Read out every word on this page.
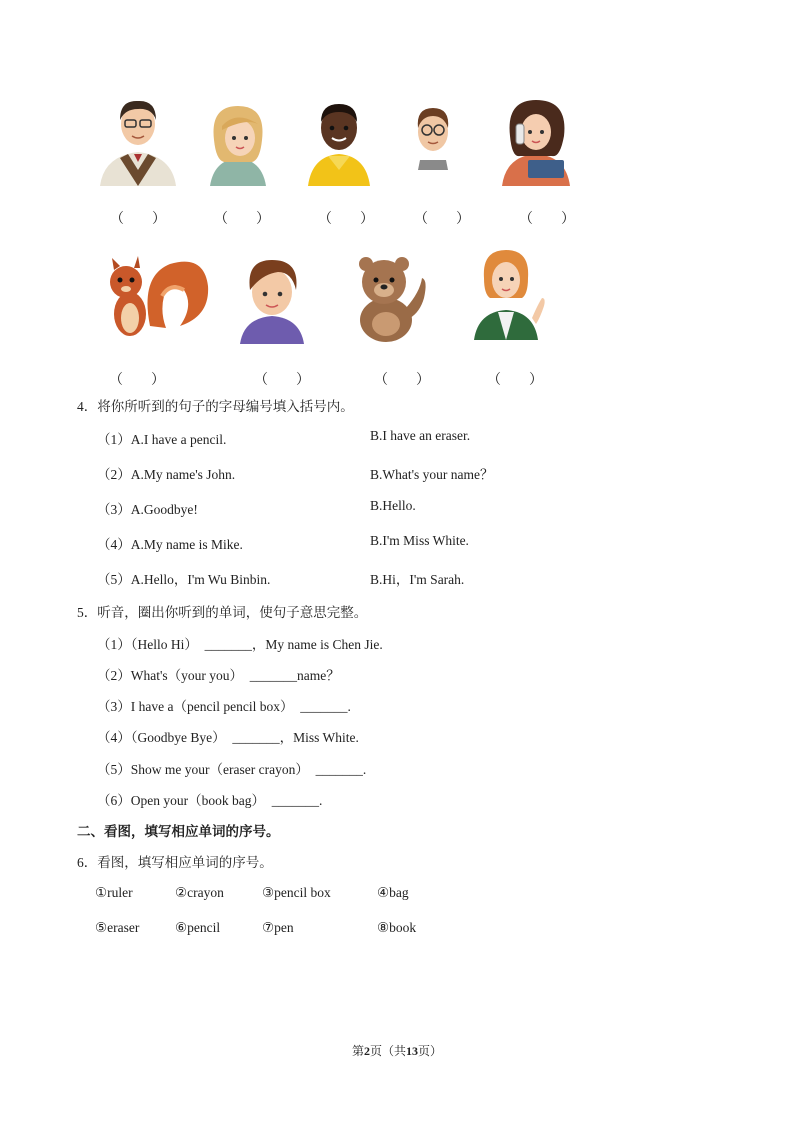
（　　）	（　　）	（　　）	（　　）	（　　）
（　　）	（　　）	（　　）	（　　）
4．将你所听到的句子的字母编号填入括号内。
（1）A.I have a pencil.	B.I have an eraser.
（2）A.My name's John.	B.What's your name？
（3）A.Goodbye!	B.Hello.
（4）A.My name is Mike.	B.I'm Miss White.
（5）A.Hello，I'm Wu Binbin.	B.Hi，I'm Sarah.
5．听音，圈出你听到的单词，使句子意思完整。
（1）（Hello Hi）　_______，My name is Chen Jie.
（2）What's（your you）　_______name？
（3）I have a（pencil pencil box）　_______.
（4）（Goodbye Bye）　_______，Miss White.
（5）Show me your（eraser crayon）　_______.
（6）Open your（book bag）　_______.
二、看图，填写相应单词的序号。
6．看图，填写相应单词的序号。
①ruler	②crayon	③pencil box	④bag
⑤eraser	⑥pencil	⑦pen	⑧book
第2页（共13页）
